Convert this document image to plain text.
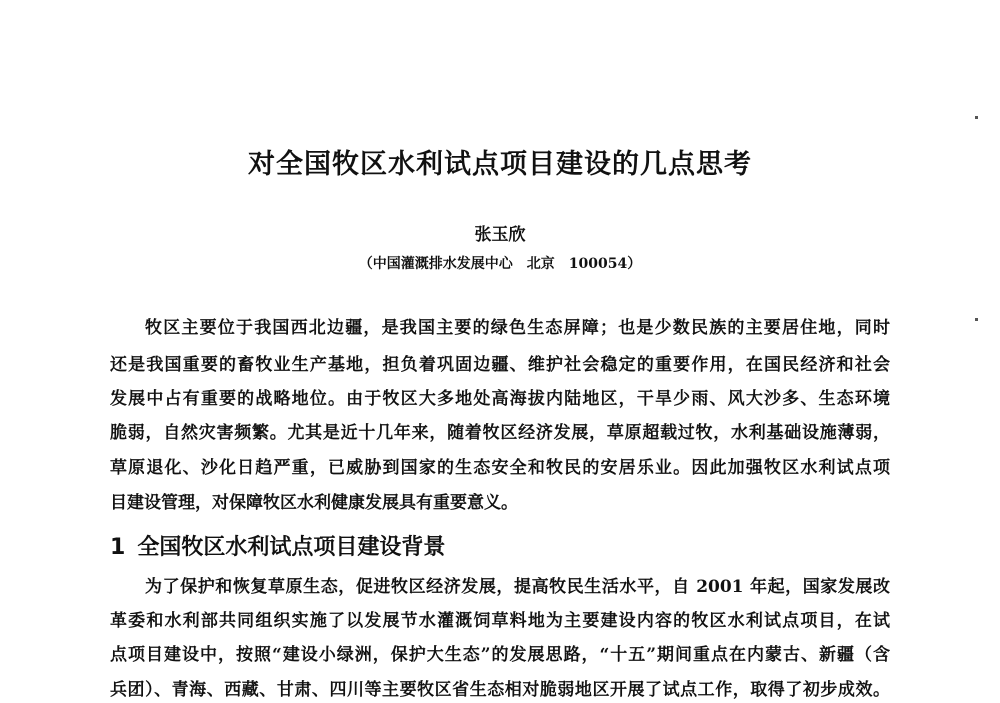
对全国牧区水利试点项目建设的几点思考
张玉欣
（中国灌溉排水发展中心　北京　100054）
牧区主要位于我国西北边疆，是我国主要的绿色生态屏障；也是少数民族的主要居住地，同时
还是我国重要的畜牧业生产基地，担负着巩固边疆、维护社会稳定的重要作用，在国民经济和社会
发展中占有重要的战略地位。由于牧区大多地处高海拔内陆地区，干旱少雨、风大沙多、生态环境
脆弱，自然灾害频繁。尤其是近十几年来，随着牧区经济发展，草原超载过牧，水利基础设施薄弱，
草原退化、沙化日趋严重，已威胁到国家的生态安全和牧民的安居乐业。因此加强牧区水利试点项
目建设管理，对保障牧区水利健康发展具有重要意义。
1 全国牧区水利试点项目建设背景
为了保护和恢复草原生态，促进牧区经济发展，提高牧民生活水平，自 2001 年起，国家发展改
革委和水利部共同组织实施了以发展节水灌溉饲草料地为主要建设内容的牧区水利试点项目，在试
点项目建设中，按照“建设小绿洲，保护大生态”的发展思路，“十五”期间重点在内蒙古、新疆（含
兵团）、青海、西藏、甘肃、四川等主要牧区省生态相对脆弱地区开展了试点工作，取得了初步成效。
